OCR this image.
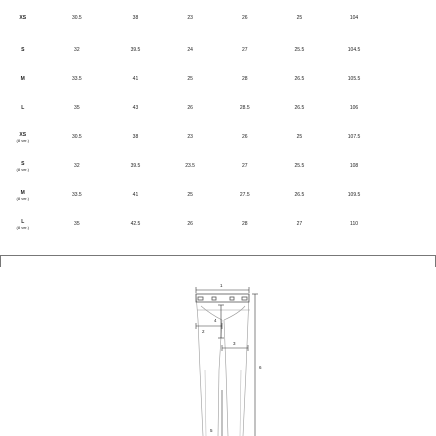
XS	30.5	38	23	26	25	104
S	32	39.5	24	27	25.5	104.5
M	33.5	41	25	28	26.5	105.5
L	35	43	26	28.5	26.5	106
XS
(8 ver.)	30.5	38	23	26	25	107.5
S
(8 ver.)	32	39.5	23.5	27	25.5	108
M
(8 ver.)	33.5	41	25	27.5	26.5	109.5
L
(8 ver.)	35	42.5	26	28	27	110
1
2
3
4
5
6
